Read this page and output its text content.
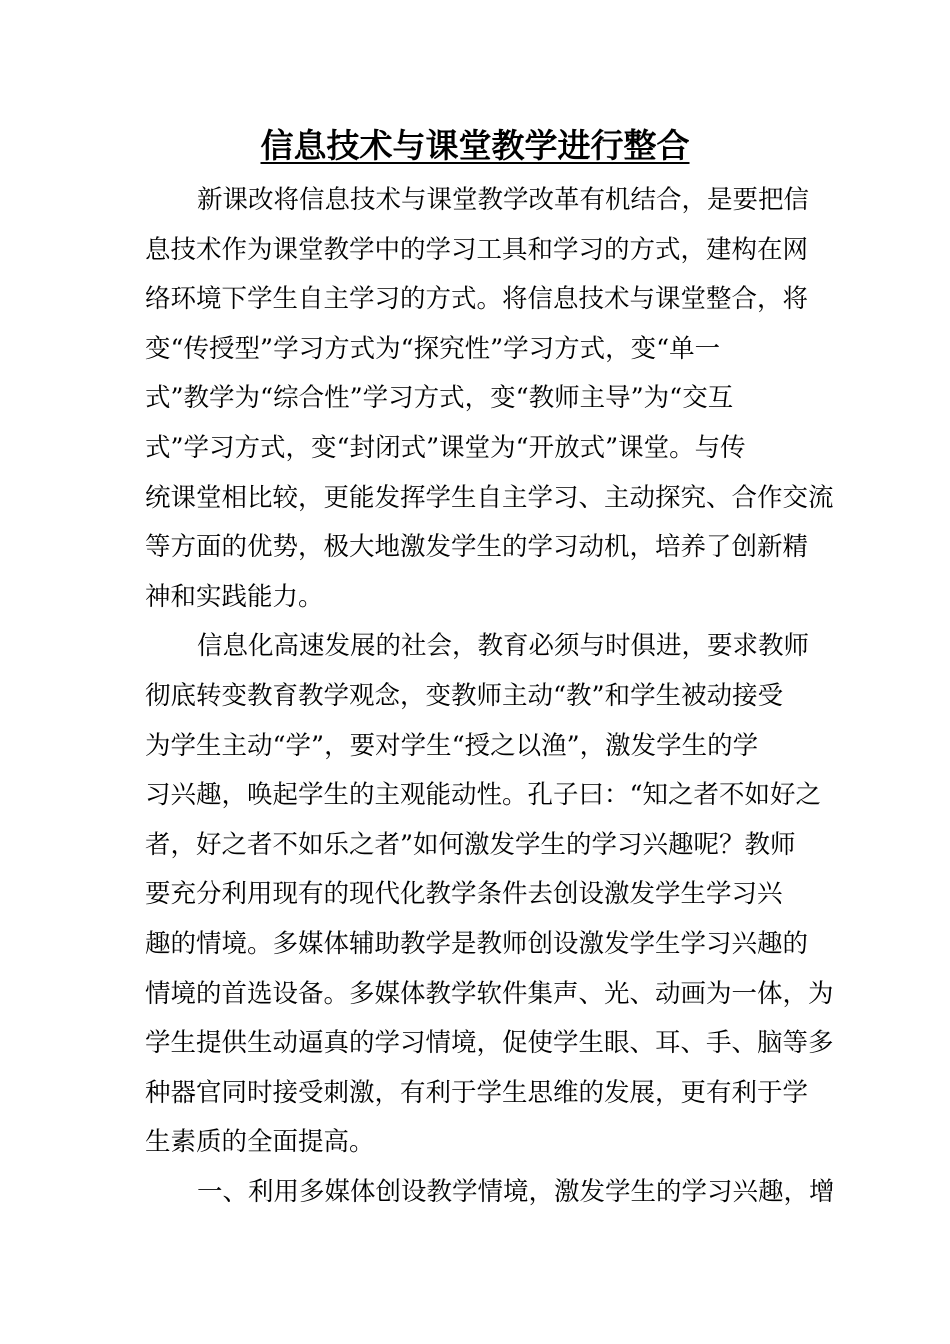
信息技术与课堂教学进行整合
新课改将信息技术与课堂教学改革有机结合，是要把信
息技术作为课堂教学中的学习工具和学习的方式，建构在网
络环境下学生自主学习的方式。将信息技术与课堂整合，将
变“传授型”学习方式为“探究性”学习方式，变“单一
式”教学为“综合性”学习方式，变“教师主导”为“交互
式”学习方式，变“封闭式”课堂为“开放式”课堂。与传
统课堂相比较，更能发挥学生自主学习、主动探究、合作交流
等方面的优势，极大地激发学生的学习动机，培养了创新精
神和实践能力。
信息化高速发展的社会，教育必须与时俱进，要求教师
彻底转变教育教学观念，变教师主动“教”和学生被动接受
为学生主动“学”，要对学生“授之以渔”，激发学生的学
习兴趣，唤起学生的主观能动性。孔子曰：“知之者不如好之
者，好之者不如乐之者”如何激发学生的学习兴趣呢？教师
要充分利用现有的现代化教学条件去创设激发学生学习兴
趣的情境。多媒体辅助教学是教师创设激发学生学习兴趣的
情境的首选设备。多媒体教学软件集声、光、动画为一体，为
学生提供生动逼真的学习情境，促使学生眼、耳、手、脑等多
种器官同时接受刺激，有利于学生思维的发展，更有利于学
生素质的全面提高。
一、利用多媒体创设教学情境，激发学生的学习兴趣，增
